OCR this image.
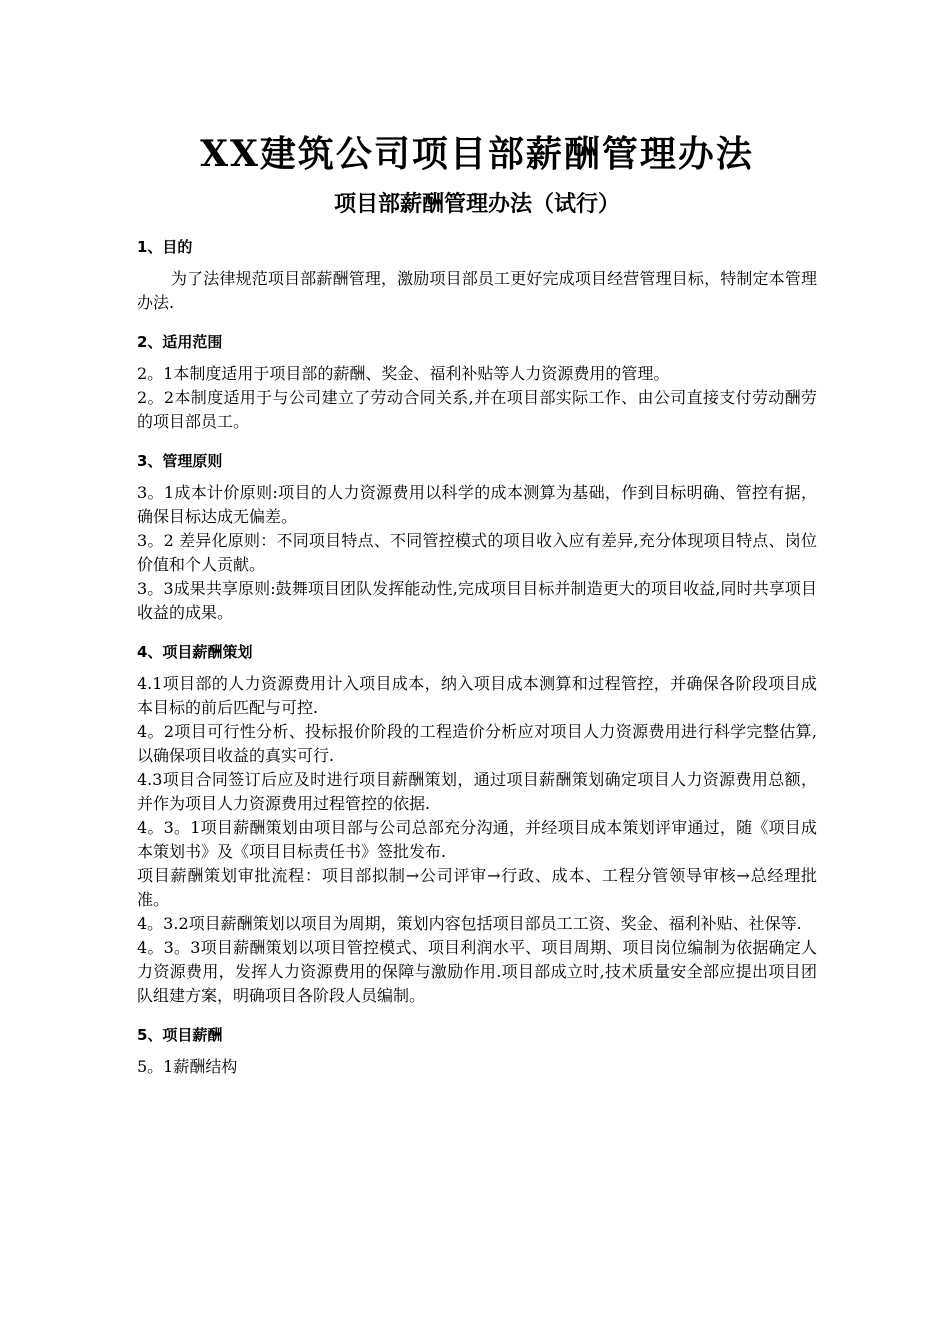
XX建筑公司项目部薪酬管理办法
项目部薪酬管理办法（试行）
1、目的

为了法律规范项目部薪酬管理，激励项目部员工更好完成项目经营管理目标，特制定本管理办法.

2、适用范围

2。1本制度适用于项目部的薪酬、奖金、福利补贴等人力资源费用的管理。

2。2本制度适用于与公司建立了劳动合同关系,并在项目部实际工作、由公司直接支付劳动酬劳的项目部员工。

3、管理原则

3。1成本计价原则:项目的人力资源费用以科学的成本测算为基础，作到目标明确、管控有据，确保目标达成无偏差。

3。2 差异化原则：不同项目特点、不同管控模式的项目收入应有差异,充分体现项目特点、岗位价值和个人贡献。

3。3成果共享原则:鼓舞项目团队发挥能动性,完成项目目标并制造更大的项目收益,同时共享项目收益的成果。

4、项目薪酬策划

4.1项目部的人力资源费用计入项目成本，纳入项目成本测算和过程管控，并确保各阶段项目成本目标的前后匹配与可控.

4。2项目可行性分析、投标报价阶段的工程造价分析应对项目人力资源费用进行科学完整估算,以确保项目收益的真实可行.

4.3项目合同签订后应及时进行项目薪酬策划，通过项目薪酬策划确定项目人力资源费用总额，并作为项目人力资源费用过程管控的依据.

4。3。1项目薪酬策划由项目部与公司总部充分沟通，并经项目成本策划评审通过，随《项目成本策划书》及《项目目标责任书》签批发布.

项目薪酬策划审批流程：项目部拟制→公司评审→行政、成本、工程分管领导审核→总经理批准。

4。3.2项目薪酬策划以项目为周期，策划内容包括项目部员工工资、奖金、福利补贴、社保等.

4。3。3项目薪酬策划以项目管控模式、项目利润水平、项目周期、项目岗位编制为依据确定人力资源费用，发挥人力资源费用的保障与激励作用.项目部成立时,技术质量安全部应提出项目团队组建方案，明确项目各阶段人员编制。

5、项目薪酬

5。1薪酬结构
